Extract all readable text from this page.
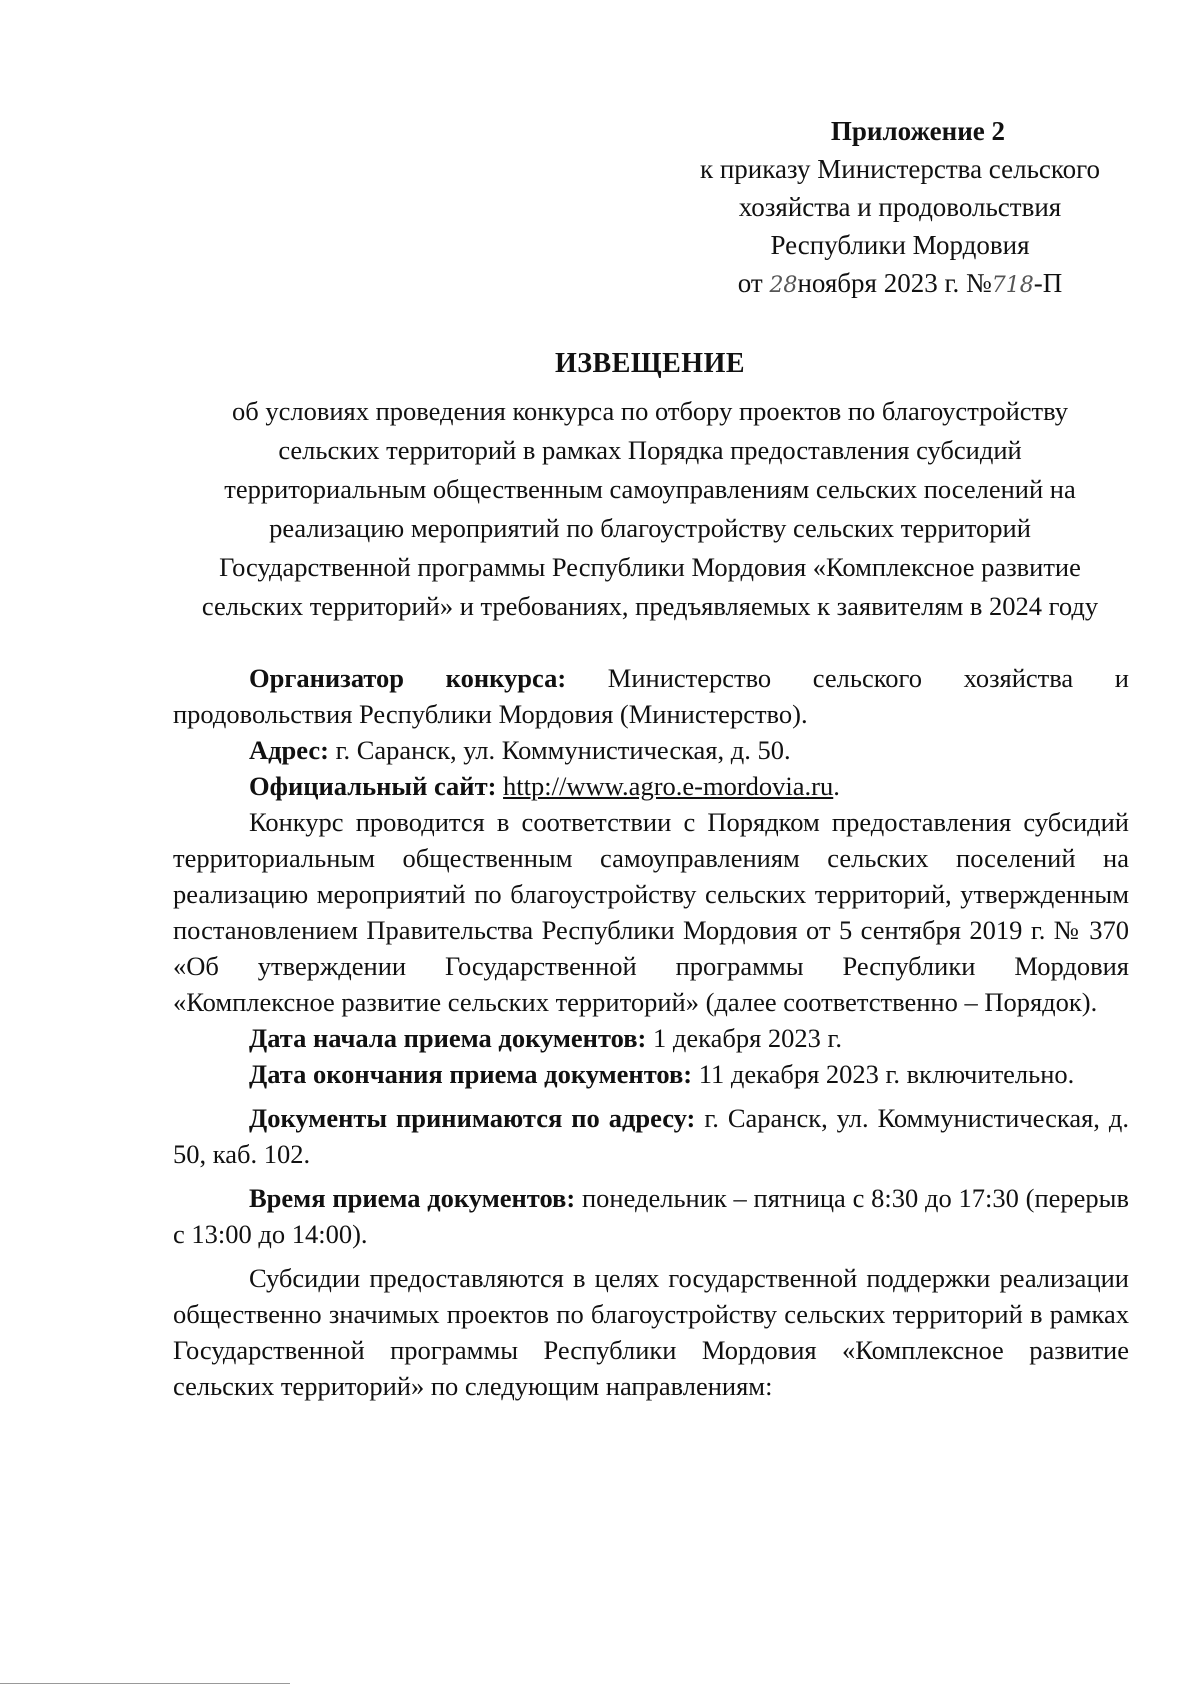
Приложение 2
к приказу Министерства сельского
хозяйства и продовольствия
Республики Мордовия
от 28ноября 2023 г. №718-П
ИЗВЕЩЕНИЕ
об условиях проведения конкурса по отбору проектов по благоустройству сельских территорий в рамках Порядка предоставления субсидий территориальным общественным самоуправлениям сельских поселений на реализацию мероприятий по благоустройству сельских территорий Государственной программы Республики Мордовия «Комплексное развитие сельских территорий» и требованиях, предъявляемых к заявителям в 2024 году

Организатор конкурса: Министерство сельского хозяйства и продовольствия Республики Мордовия (Министерство).

Адрес: г. Саранск, ул. Коммунистическая, д. 50.

Официальный сайт: http://www.agro.e-mordovia.ru.

Конкурс проводится в соответствии с Порядком предоставления субсидий территориальным общественным самоуправлениям сельских поселений на реализацию мероприятий по благоустройству сельских территорий, утвержденным постановлением Правительства Республики Мордовия от 5 сентября 2019 г. № 370 «Об утверждении Государственной программы Республики Мордовия «Комплексное развитие сельских территорий» (далее соответственно – Порядок).

Дата начала приема документов: 1 декабря 2023 г.

Дата окончания приема документов: 11 декабря 2023 г. включительно.

Документы принимаются по адресу: г. Саранск, ул. Коммунистическая, д. 50, каб. 102.

Время приема документов: понедельник – пятница с 8:30 до 17:30 (перерыв с 13:00 до 14:00).

Субсидии предоставляются в целях государственной поддержки реализации общественно значимых проектов по благоустройству сельских территорий в рамках Государственной программы Республики Мордовия «Комплексное развитие сельских территорий» по следующим направлениям:
